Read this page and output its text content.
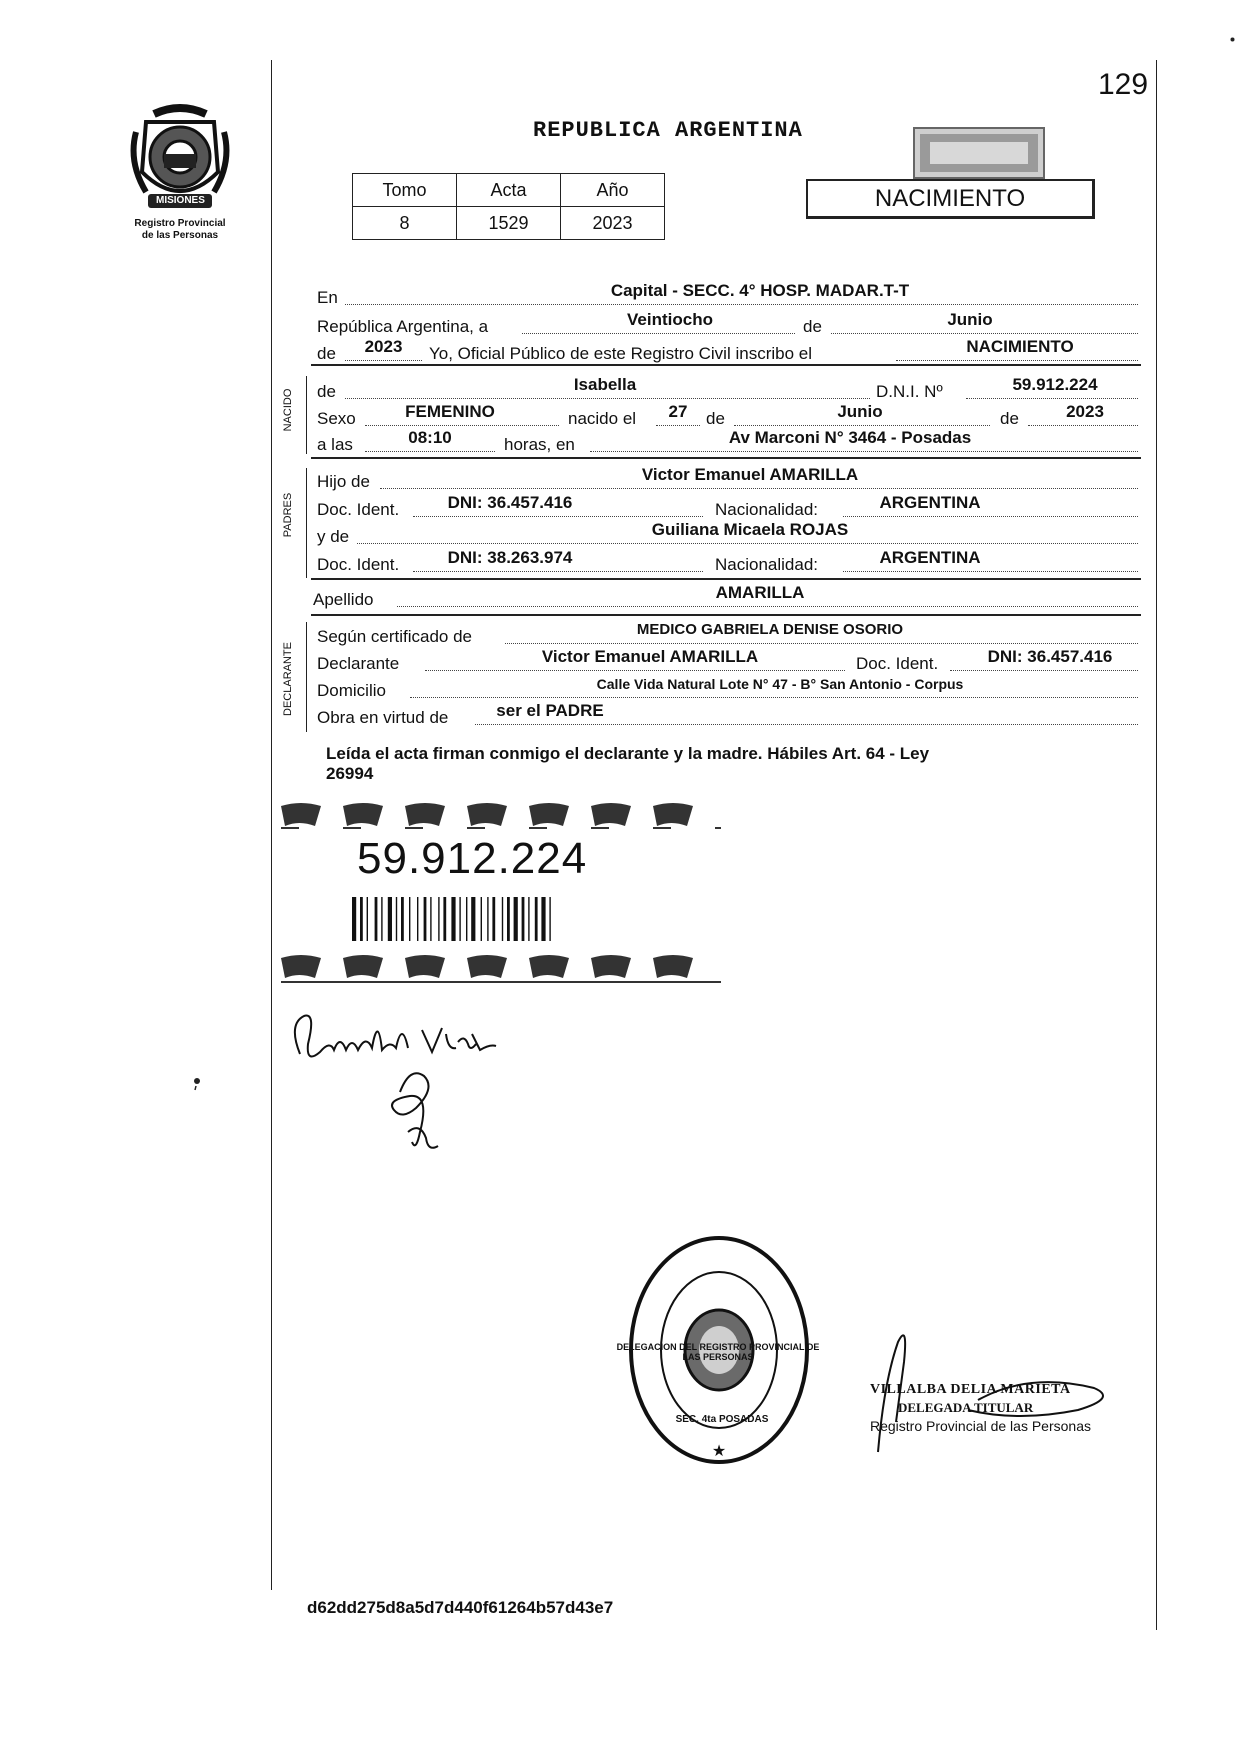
129
MISIONES
Registro Provincial
de las Personas
REPUBLICA ARGENTINA
Tomo	Acta	Año
8	1529	2023
NACIMIENTO
En	Capital - SECC. 4° HOSP. MADAR.T-T
República Argentina, a	Veintiocho	de	Junio
de	2023	Yo, Oficial Público de este Registro Civil inscribo el	NACIMIENTO
NACIDO de	Isabella	D.N.I. Nº	59.912.224
Sexo	FEMENINO	nacido el	27	de	Junio	de	2023
a las	08:10	horas, en	Av Marconi N° 3464 - Posadas
PADRES
Hijo de	Victor Emanuel AMARILLA
Doc. Ident.	DNI: 36.457.416	Nacionalidad:	ARGENTINA
y de	Guiliana Micaela ROJAS
Doc. Ident.	DNI: 38.263.974	Nacionalidad:	ARGENTINA
Apellido	AMARILLA
DECLARANTE
Según certificado de	MEDICO GABRIELA DENISE OSORIO
Declarante	Victor Emanuel AMARILLA	Doc. Ident.	DNI: 36.457.416
Domicilio	Calle Vida Natural Lote N° 47 - B° San Antonio - Corpus
Obra en virtud de	ser el PADRE
Leída el acta firman conmigo el declarante y la madre. Hábiles Art. 64 - Ley
26994
59.912.224
★
DELEGACION DEL REGISTRO PROVINCIAL DE LAS PERSONAS
SEC. 4ta POSADAS
VILLALBA DELIA MARIETA
DELEGADA TITULAR
Registro Provincial de las Personas
d62dd275d8a5d7d440f61264b57d43e7
